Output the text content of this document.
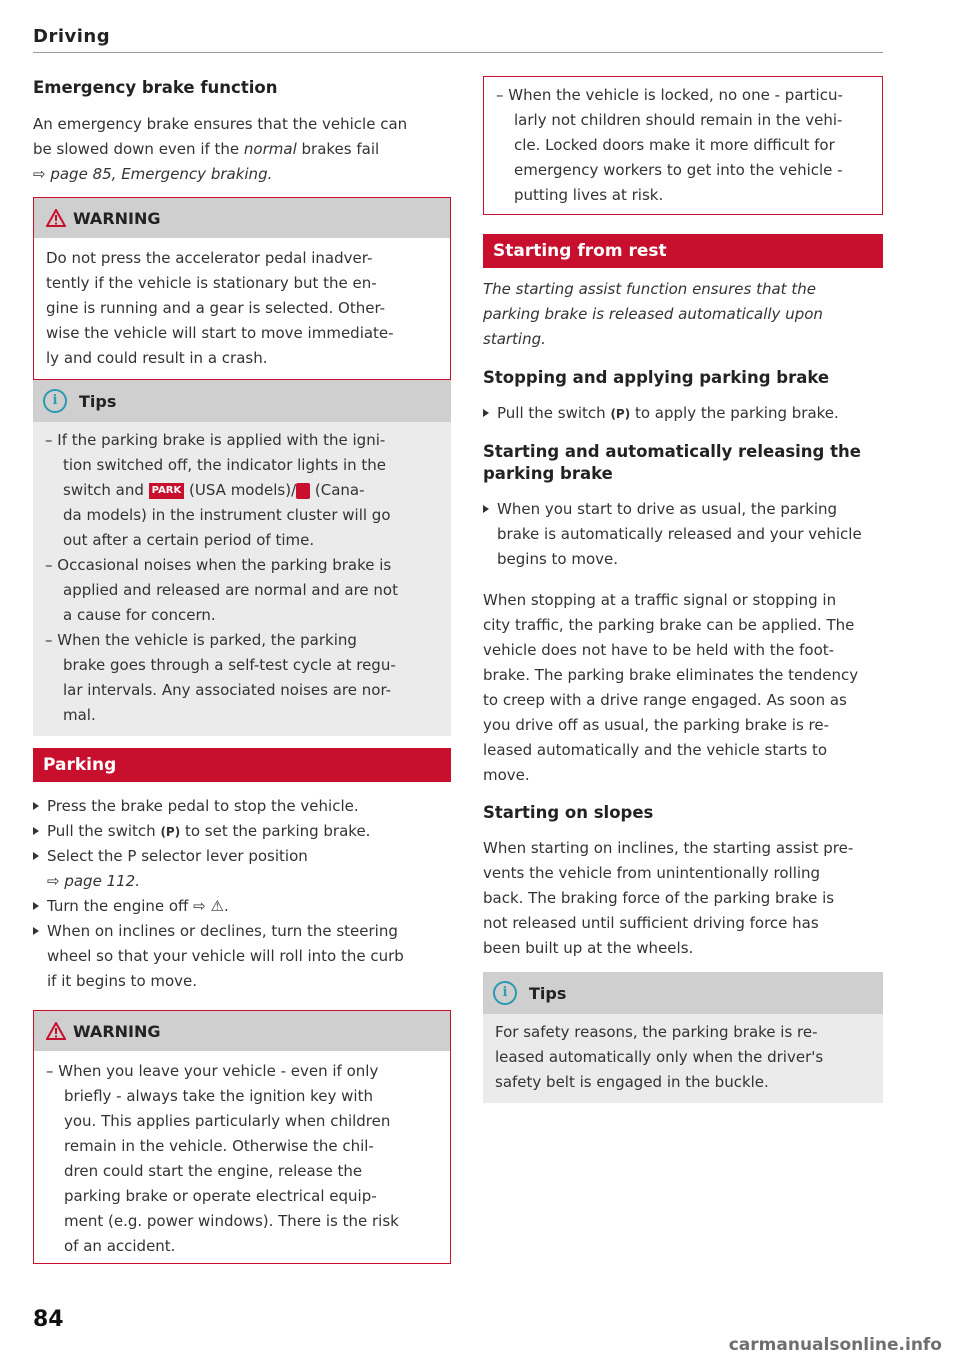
Driving
Emergency brake function

An emergency brake ensures that the vehicle can

be slowed down even if the normal brakes fail

⇨ page 85, Emergency braking.

WARNING
Do not press the accelerator pedal inadver-
tently if the vehicle is stationary but the en-
gine is running and a gear is selected. Other-
wise the vehicle will start to move immediate-
ly and could result in a crash.
i	Tips
– If the parking brake is applied with the igni-
tion switched off, the indicator lights in the
switch and PARK (USA models)/ (Cana-
da models) in the instrument cluster will go
out after a certain period of time.
– Occasional noises when the parking brake is
applied and released are normal and are not
a cause for concern.
– When the vehicle is parked, the parking
brake goes through a self-test cycle at regu-
lar intervals. Any associated noises are nor-
mal.
Parking
Press the brake pedal to stop the vehicle.
Pull the switch (P) to set the parking brake.
Select the P selector lever position
⇨ page 112.
Turn the engine off ⇨ ⚠.
When on inclines or declines, turn the steering
wheel so that your vehicle will roll into the curb
if it begins to move.
WARNING
– When you leave your vehicle - even if only
briefly - always take the ignition key with
you. This applies particularly when children
remain in the vehicle. Otherwise the chil-
dren could start the engine, release the
parking brake or operate electrical equip-
ment (e.g. power windows). There is the risk
of an accident.
– When the vehicle is locked, no one - particu-
larly not children should remain in the vehi-
cle. Locked doors make it more difficult for
emergency workers to get into the vehicle -
putting lives at risk.
Starting from rest

The starting assist function ensures that the

parking brake is released automatically upon

starting.

Stopping and applying parking brake
Pull the switch (P) to apply the parking brake.
Starting and automatically releasing the
parking brake
When you start to drive as usual, the parking
brake is automatically released and your vehicle
begins to move.

When stopping at a traffic signal or stopping in

city traffic, the parking brake can be applied. The

vehicle does not have to be held with the foot-

brake. The parking brake eliminates the tendency

to creep with a drive range engaged. As soon as

you drive off as usual, the parking brake is re-

leased automatically and the vehicle starts to

move.

Starting on slopes

When starting on inclines, the starting assist pre-

vents the vehicle from unintentionally rolling

back. The braking force of the parking brake is

not released until sufficient driving force has

been built up at the wheels.

i	Tips
For safety reasons, the parking brake is re-
leased automatically only when the driver's
safety belt is engaged in the buckle.
84
carmanualsonline.info
